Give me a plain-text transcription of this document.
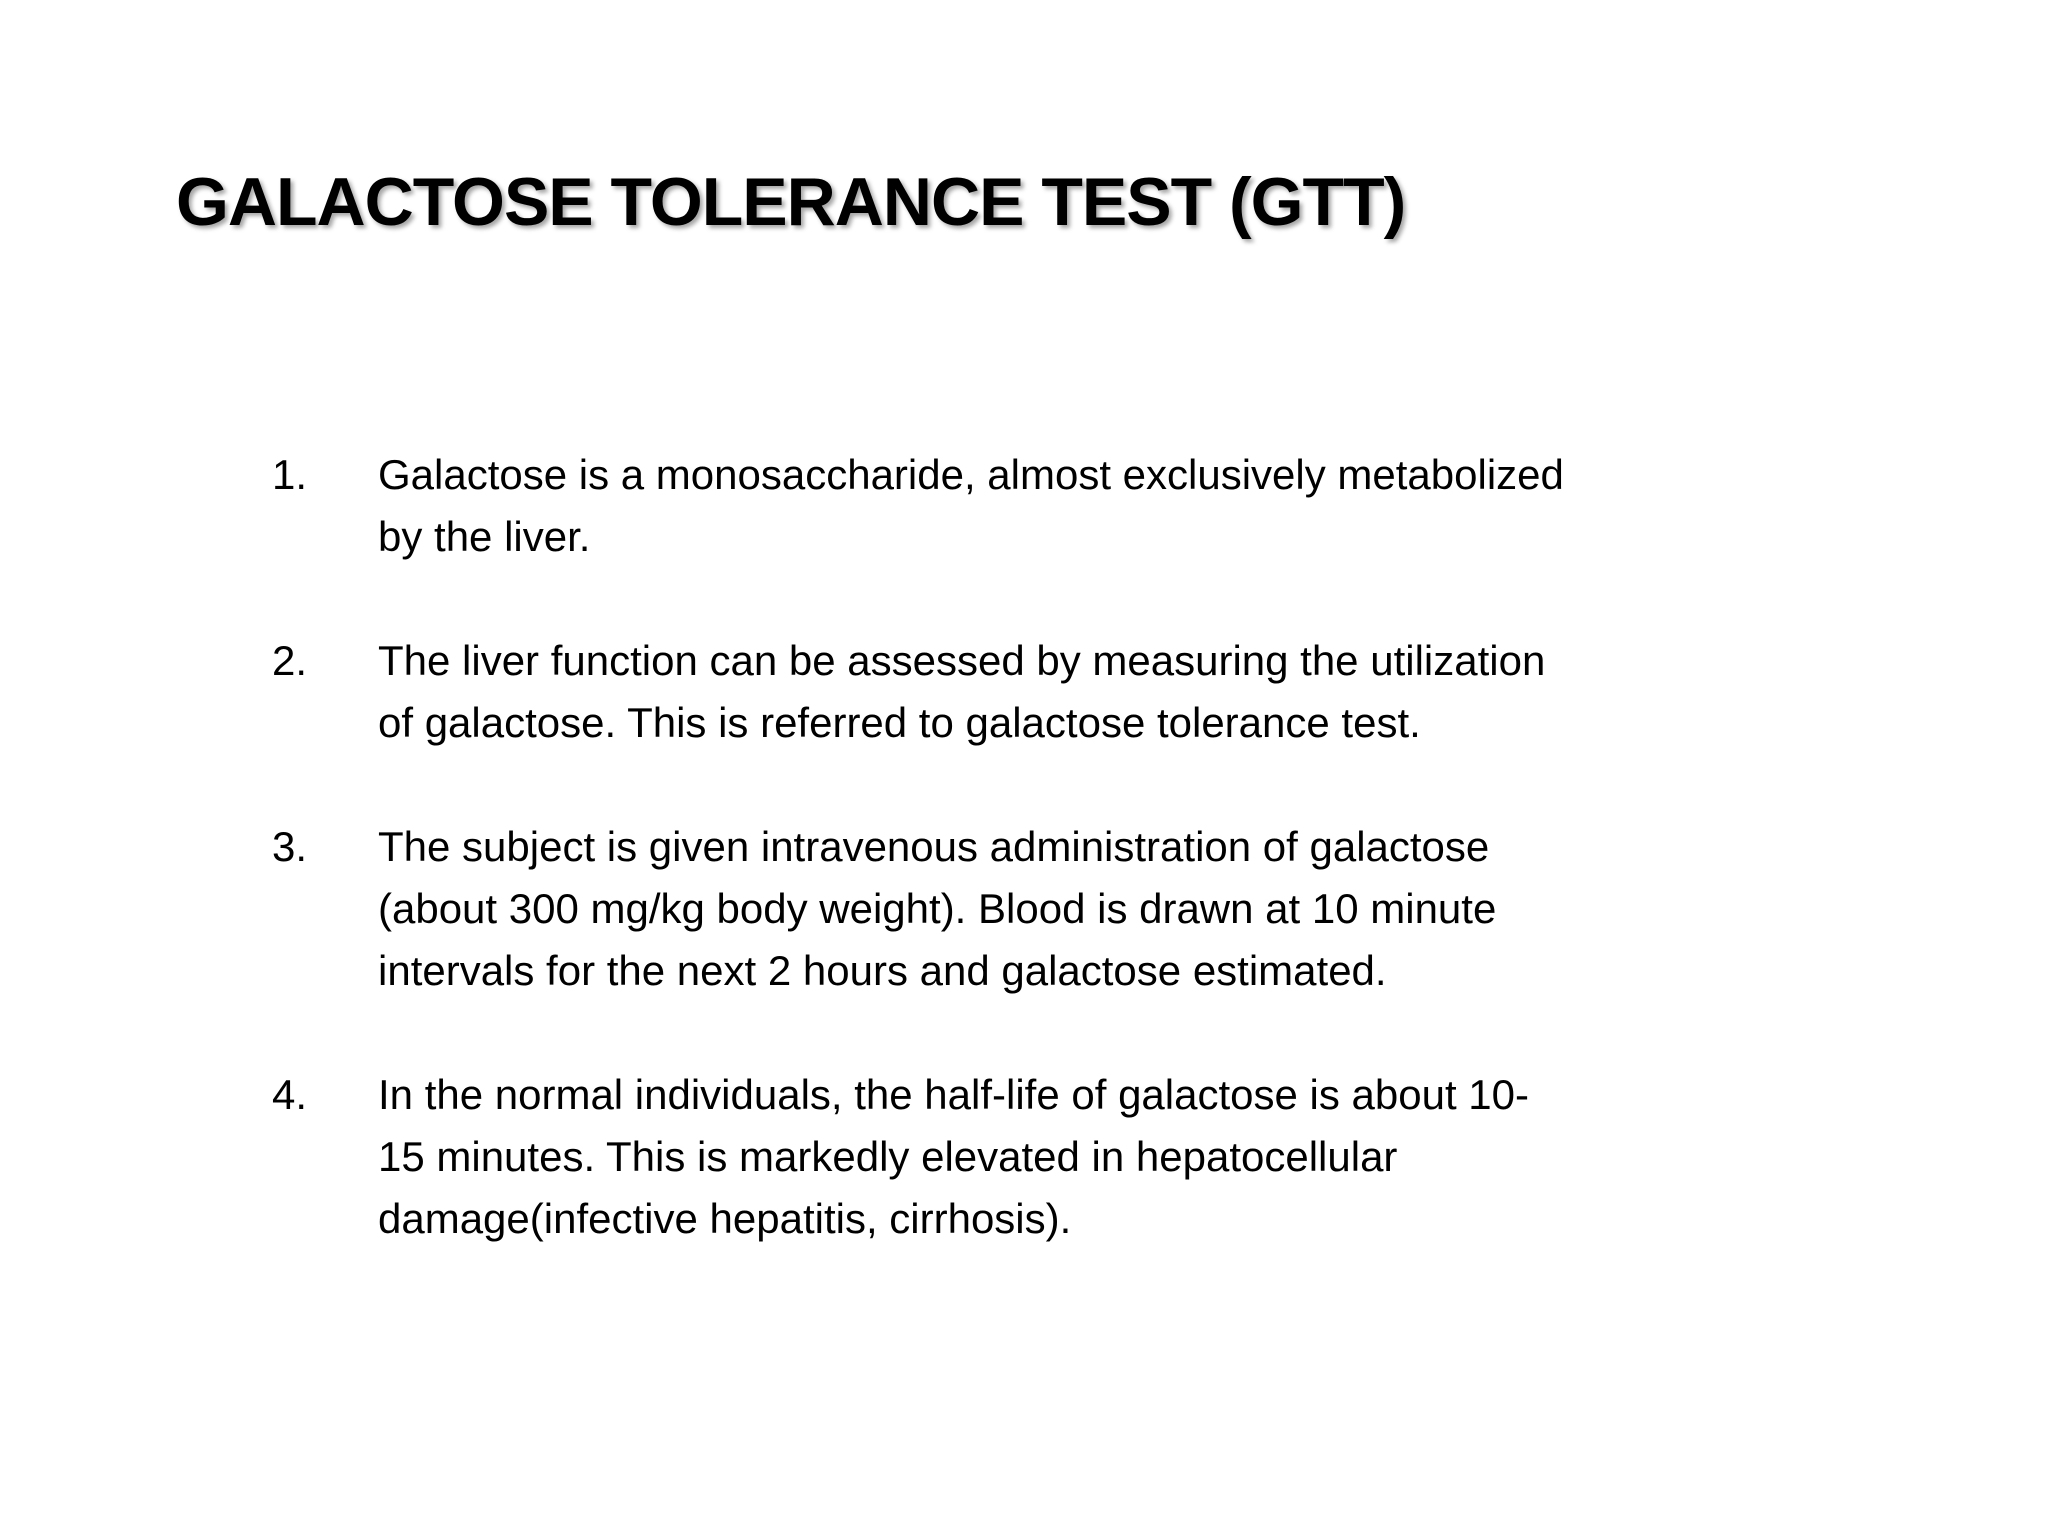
GALACTOSE TOLERANCE TEST (GTT)
1.	Galactose is a monosaccharide, almost exclusively metabolized
by the liver.
2.	The liver function can be assessed by measuring the utilization
of galactose. This is referred to galactose tolerance test.
3.	The subject is given intravenous administration of galactose
(about 300 mg/kg body weight). Blood is drawn at 10 minute
intervals for the next 2 hours and galactose estimated.
4.	In the normal individuals, the half-life of galactose is about 10-
15 minutes. This is markedly elevated in hepatocellular
damage(infective hepatitis, cirrhosis).
